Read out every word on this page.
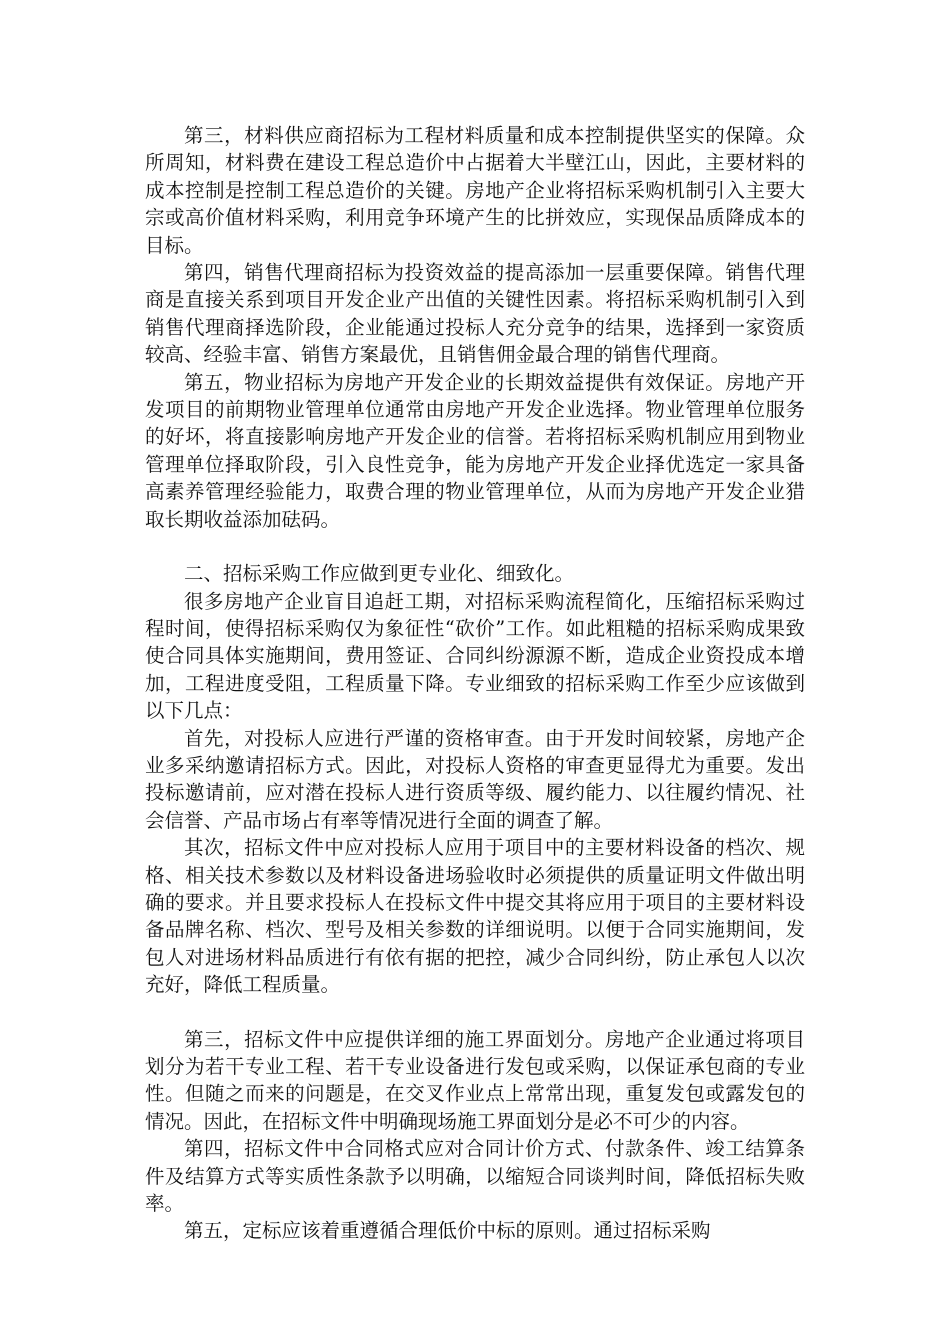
第三，材料供应商招标为工程材料质量和成本控制提供坚实的保障。众所周知，材料费在建设工程总造价中占据着大半壁江山，因此，主要材料的成本控制是控制工程总造价的关键。房地产企业将招标采购机制引入主要大宗或高价值材料采购，利用竞争环境产生的比拼效应，实现保品质降成本的目标。

第四，销售代理商招标为投资效益的提高添加一层重要保障。销售代理商是直接关系到项目开发企业产出值的关键性因素。将招标采购机制引入到销售代理商择选阶段，企业能通过投标人充分竞争的结果，选择到一家资质较高、经验丰富、销售方案最优，且销售佣金最合理的销售代理商。

第五，物业招标为房地产开发企业的长期效益提供有效保证。房地产开发项目的前期物业管理单位通常由房地产开发企业选择。物业管理单位服务的好坏，将直接影响房地产开发企业的信誉。若将招标采购机制应用到物业管理单位择取阶段，引入良性竞争，能为房地产开发企业择优选定一家具备高素养管理经验能力，取费合理的物业管理单位，从而为房地产开发企业猎取长期收益添加砝码。

二、招标采购工作应做到更专业化、细致化。

很多房地产企业盲目追赶工期，对招标采购流程简化，压缩招标采购过程时间，使得招标采购仅为象征性“砍价”工作。如此粗糙的招标采购成果致使合同具体实施期间，费用签证、合同纠纷源源不断，造成企业资投成本增加，工程进度受阻，工程质量下降。专业细致的招标采购工作至少应该做到以下几点：

首先，对投标人应进行严谨的资格审查。由于开发时间较紧，房地产企业多采纳邀请招标方式。因此，对投标人资格的审查更显得尤为重要。发出投标邀请前，应对潜在投标人进行资质等级、履约能力、以往履约情况、社会信誉、产品市场占有率等情况进行全面的调查了解。

其次，招标文件中应对投标人应用于项目中的主要材料设备的档次、规格、相关技术参数以及材料设备进场验收时必须提供的质量证明文件做出明确的要求。并且要求投标人在投标文件中提交其将应用于项目的主要材料设备品牌名称、档次、型号及相关参数的详细说明。以便于合同实施期间，发包人对进场材料品质进行有依有据的把控，减少合同纠纷，防止承包人以次充好，降低工程质量。

第三，招标文件中应提供详细的施工界面划分。房地产企业通过将项目划分为若干专业工程、若干专业设备进行发包或采购，以保证承包商的专业性。但随之而来的问题是，在交叉作业点上常常出现，重复发包或露发包的情况。因此，在招标文件中明确现场施工界面划分是必不可少的内容。

第四，招标文件中合同格式应对合同计价方式、付款条件、竣工结算条件及结算方式等实质性条款予以明确，以缩短合同谈判时间，降低招标失败率。

第五，定标应该着重遵循合理低价中标的原则。通过招标采购
